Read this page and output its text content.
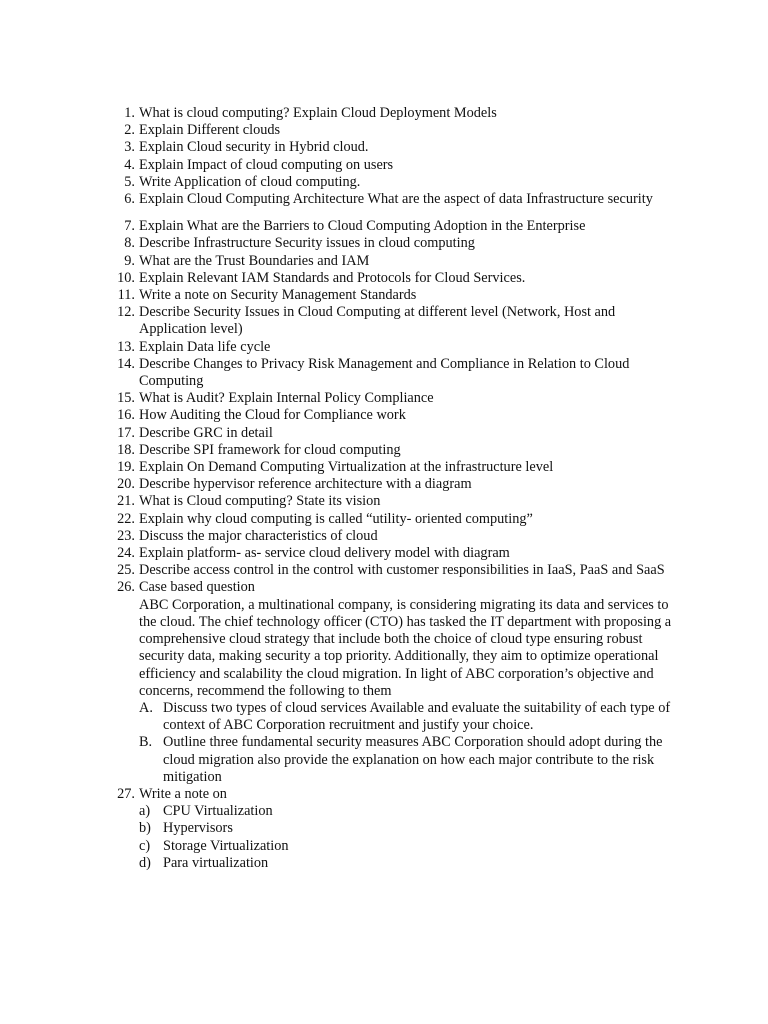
1. What is cloud computing? Explain Cloud Deployment Models
2. Explain Different clouds
3. Explain Cloud security in Hybrid cloud.
4. Explain Impact of cloud computing on users
5. Write Application of cloud computing.
6. Explain Cloud Computing Architecture What are the aspect of data Infrastructure security
7. Explain What are the Barriers to Cloud Computing Adoption in the Enterprise
8. Describe Infrastructure Security issues in cloud computing
9. What are the Trust Boundaries and IAM
10. Explain Relevant IAM Standards and Protocols for Cloud Services.
11. Write a note on Security Management Standards
12. Describe Security Issues in Cloud Computing at different level (Network, Host and Application level)
13. Explain Data life cycle
14. Describe Changes to Privacy Risk Management and Compliance in Relation to Cloud Computing
15. What is Audit? Explain Internal Policy Compliance
16. How Auditing the Cloud for Compliance work
17. Describe GRC in detail
18. Describe SPI framework for cloud computing
19. Explain On Demand Computing Virtualization at the infrastructure level
20. Describe hypervisor reference architecture with a diagram
21. What is Cloud computing? State its vision
22. Explain why cloud computing is called “utility- oriented computing”
23. Discuss the major characteristics of cloud
24. Explain platform- as- service cloud delivery model with diagram
25. Describe access control in the control with customer responsibilities in IaaS, PaaS and SaaS
26. Case based question
ABC Corporation, a multinational company, is considering migrating its data and services to the cloud. The chief technology officer (CTO) has tasked the IT department with proposing a comprehensive cloud strategy that include both the choice of cloud type ensuring robust security data, making security a top priority. Additionally, they aim to optimize operational efficiency and scalability the cloud migration. In light of ABC corporation’s objective and concerns, recommend the following to them
A. Discuss two types of cloud services Available and evaluate the suitability of each type of context of ABC Corporation recruitment and justify your choice.
B. Outline three fundamental security measures ABC Corporation should adopt during the cloud migration also provide the explanation on how each major contribute to the risk mitigation
27. Write a note on
a) CPU Virtualization
b) Hypervisors
c) Storage Virtualization
d) Para virtualization
